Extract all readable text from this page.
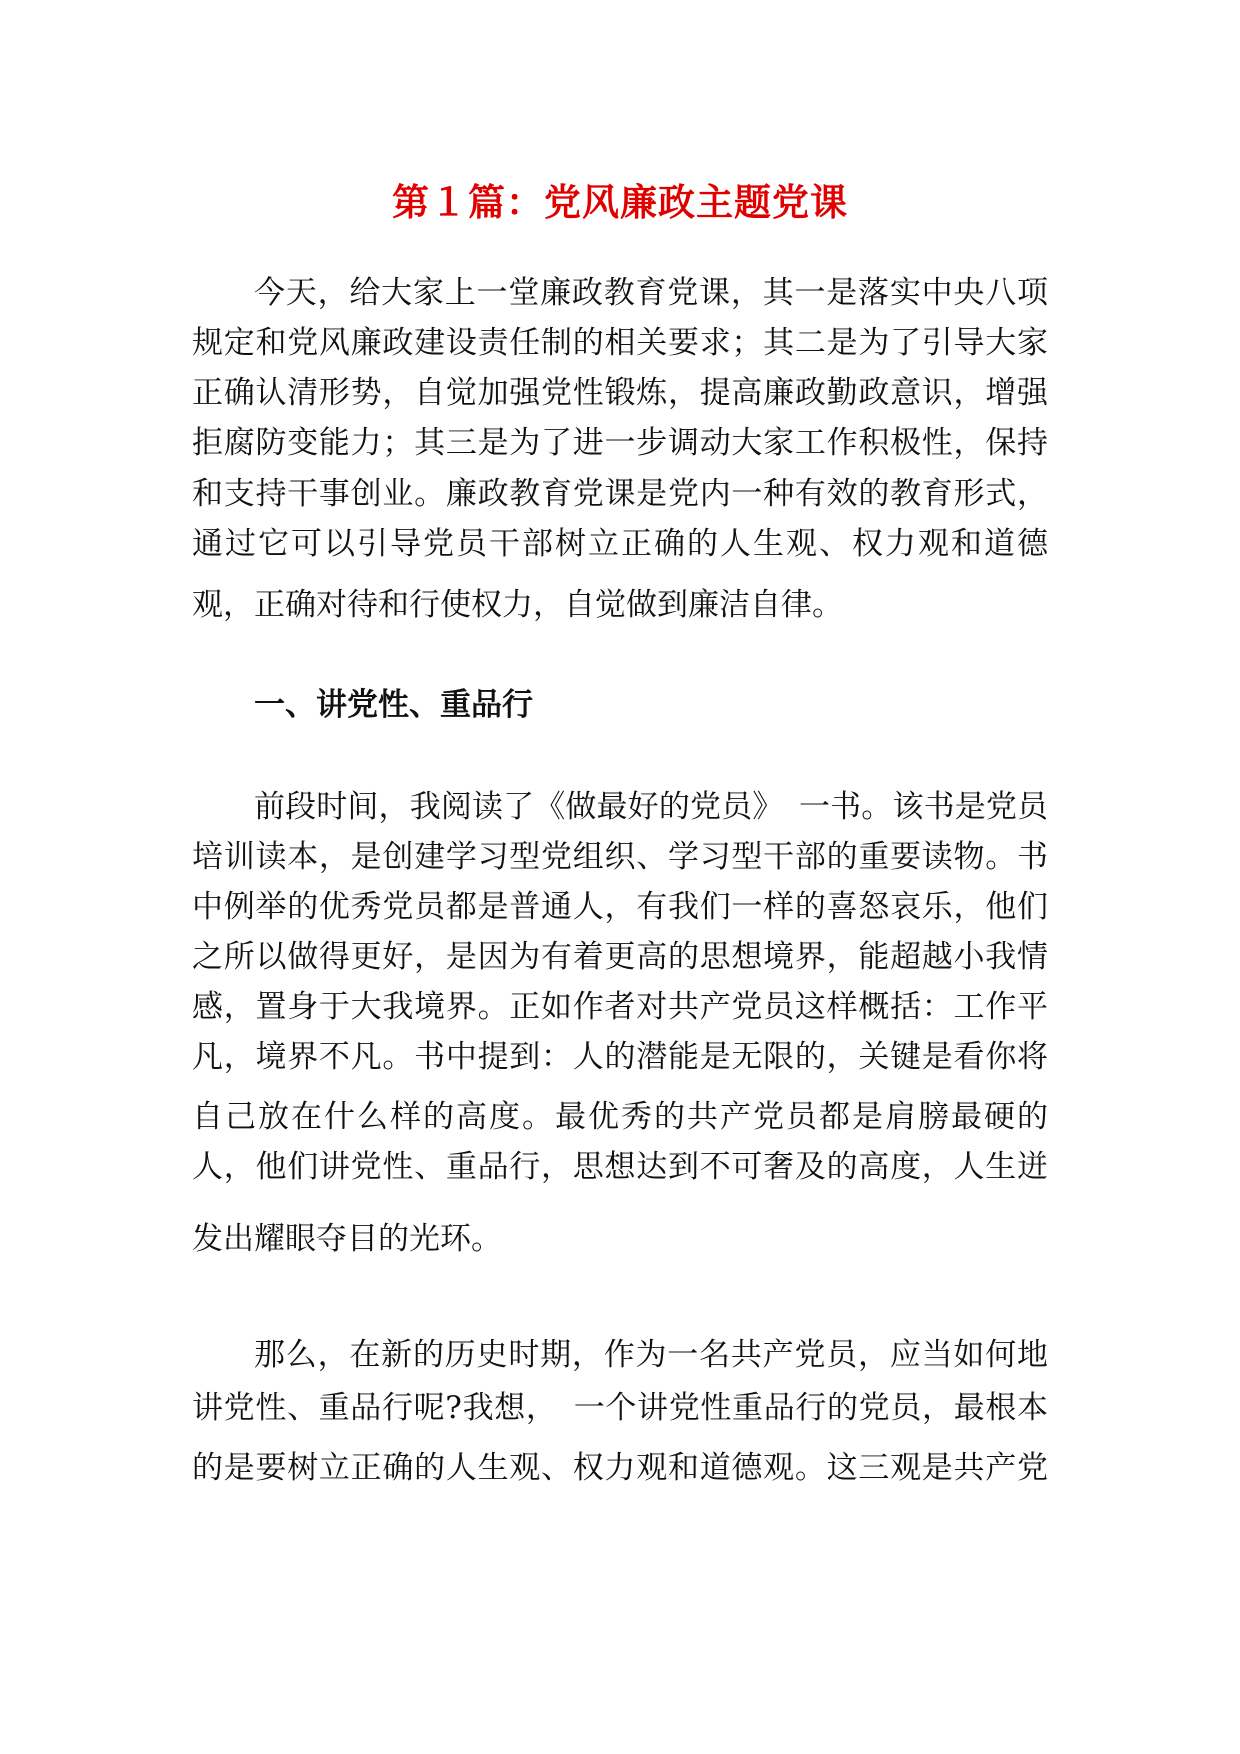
第１篇：党风廉政主题党课

今天，给大家上一堂廉政教育党课，其一是落实中央八项

规定和党风廉政建设责任制的相关要求；其二是为了引导大家

正确认清形势，自觉加强党性锻炼，提高廉政勤政意识，增强

拒腐防变能力；其三是为了进一步调动大家工作积极性，保持

和支持干事创业。廉政教育党课是党内一种有效的教育形式，

通过它可以引导党员干部树立正确的人生观、权力观和道德

观，正确对待和行使权力，自觉做到廉洁自律。

一、讲党性、重品行

前段时间，我阅读了《做最好的党员》　一书。该书是党员

培训读本，是创建学习型党组织、学习型干部的重要读物。书

中例举的优秀党员都是普通人，有我们一样的喜怒哀乐，他们

之所以做得更好，是因为有着更高的思想境界，能超越小我情

感，置身于大我境界。正如作者对共产党员这样概括：工作平

凡，境界不凡。书中提到：人的潜能是无限的，关键是看你将

自己放在什么样的高度。最优秀的共产党员都是肩膀最硬的

人，他们讲党性、重品行，思想达到不可奢及的高度，人生迸

发出耀眼夺目的光环。

那么，在新的历史时期，作为一名共产党员，应当如何地

讲党性、重品行呢?我想，　一个讲党性重品行的党员，最根本

的是要树立正确的人生观、权力观和道德观。这三观是共产党
